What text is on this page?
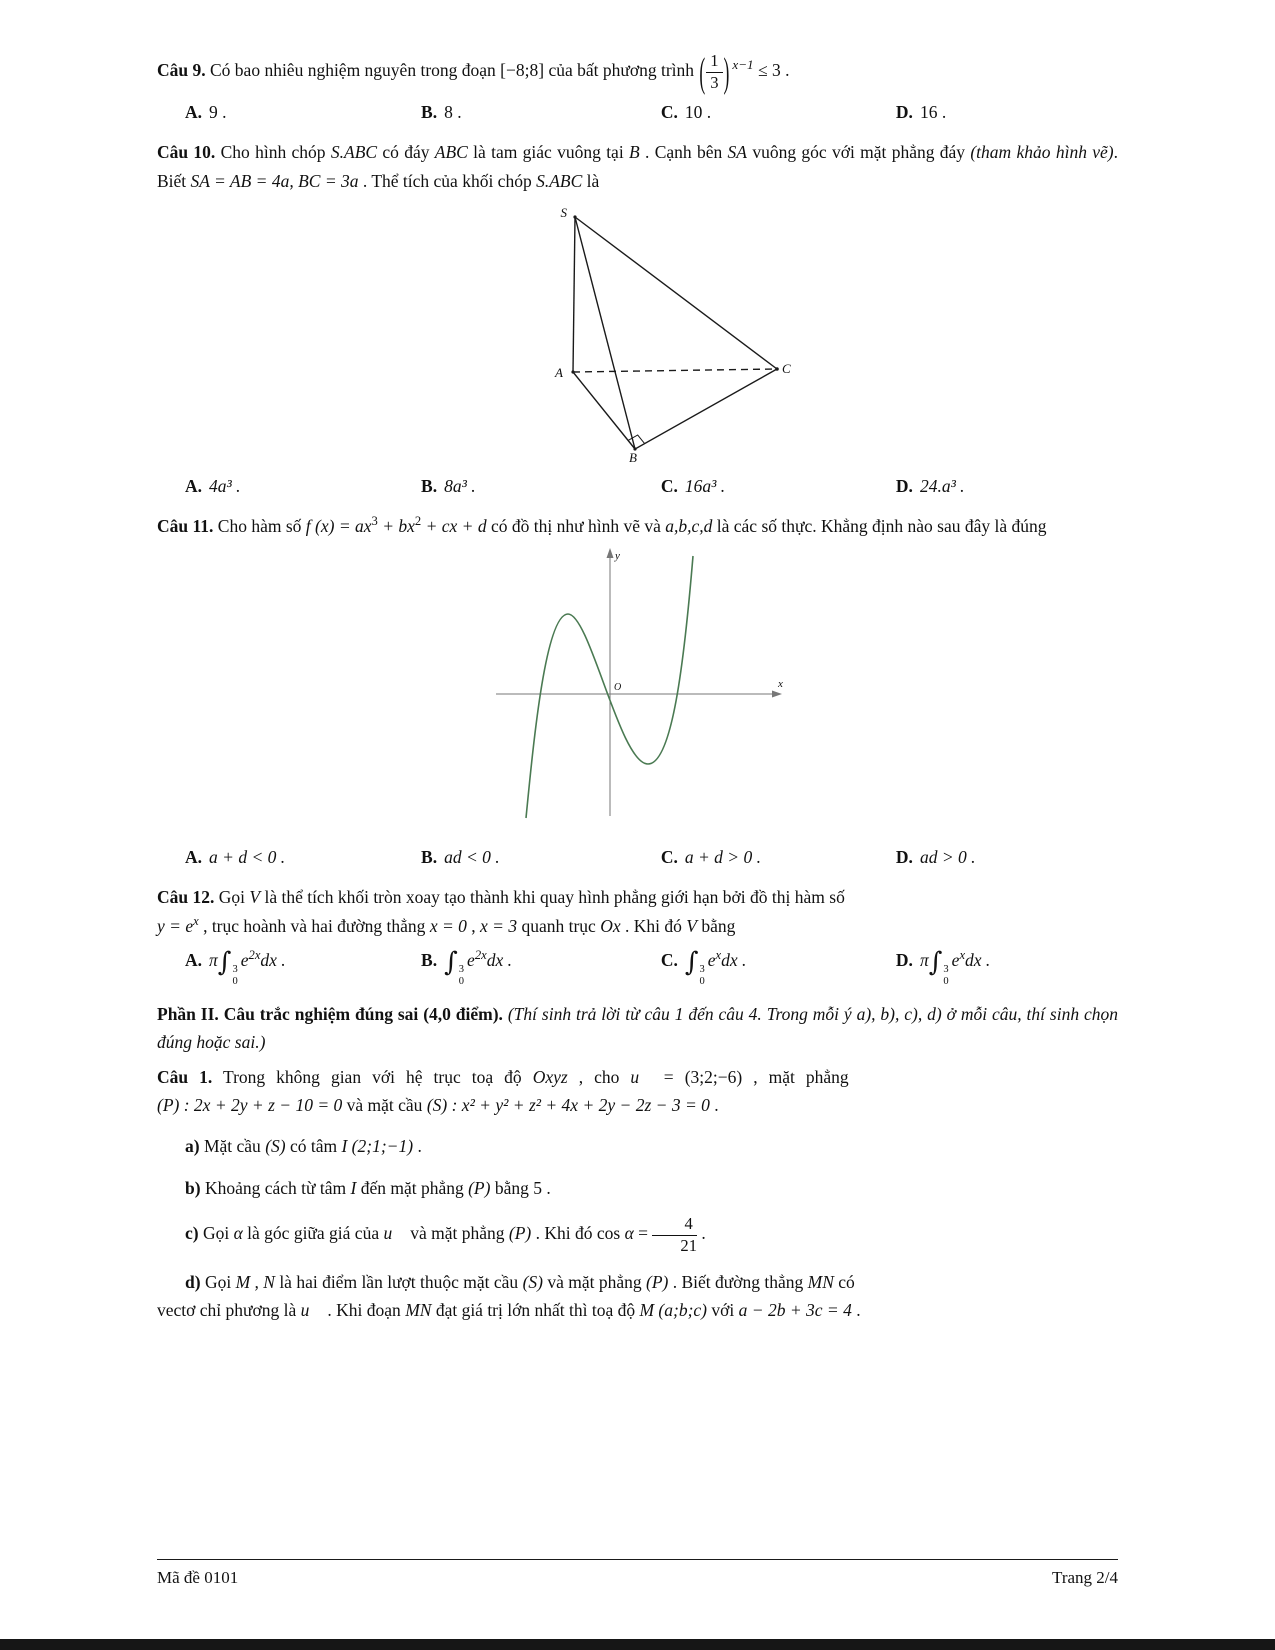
Câu 9. Có bao nhiêu nghiệm nguyên trong đoạn [−8;8] của bất phương trình ( $\frac{1}{3}$ ) $^{x-1}$ ≤ 3 .

A. 9 .	B. 8 .	C. 10 .	D. 16 .

Câu 10. Cho hình chóp S.ABC có đáy ABC là tam giác vuông tại B . Cạnh bên SA vuông góc với mặt phẳng đáy (tham khảo hình vẽ). Biết SA = AB = 4a, BC = 3a . Thể tích của khối chóp S.ABC là

S
A
B
C
A. 4a³ .	B. 8a³ .	C. 16a³ .	D. 24.a³ .

Câu 11. Cho hàm số f $(x) = ax^3 + bx^2$ + cx + d có đồ thị như hình vẽ và a,b,c,d là các số thực. Khẳng định nào sau đây là đúng

x
y
O
A. a + d < 0 .	B. ad < 0 .	C. a + d > 0 .	D. ad > 0 .

Câu 12. Gọi V là thể tích khối tròn xoay tạo thành khi quay hình phẳng giới hạn bởi đồ thị hàm số
$y = e^x$ , trục hoành và hai đường thẳng x = 0 , x = 3 quanh trục Ox . Khi đó V bằng

A. π∫ 3
0
$e^{2x}dx$ .	B. ∫ 3
0
$e^{2x}dx$ .	C. ∫ 3
0
$e^xdx$ .	D. π∫ 3
0
$e^xdx$ .

Phần II. Câu trắc nghiệm đúng sai (4,0 điểm). (Thí sinh trả lời từ câu 1 đến câu 4. Trong mỗi ý a), b), c), d) ở mỗi câu, thí sinh chọn đúng hoặc sai.)

Câu 1. Trong không gian với hệ trục toạ độ Oxyz , cho u⃗ = (3;2;−6) , mặt phẳng
(P) : 2x + 2y + z − 10 = 0 và mặt cầu (S) : x² + y² + z² + 4x + 2y − 2z − 3 = 0 .

a) Mặt cầu (S) có tâm I (2;1;−1) .

b) Khoảng cách từ tâm I đến mặt phẳng (P) bằng 5 .

c) Gọi α là góc giữa giá của u⃗ và mặt phẳng (P) . Khi đó $\cos \alpha = \frac{4}{21}$ .

d) Gọi M , N là hai điểm lần lượt thuộc mặt cầu (S) và mặt phẳng (P) . Biết đường thẳng MN có
vectơ chỉ phương là u⃗ . Khi đoạn MN đạt giá trị lớn nhất thì toạ độ M (a;b;c) với a − 2b + 3c = 4 .

Mã đề 0101	Trang 2/4
